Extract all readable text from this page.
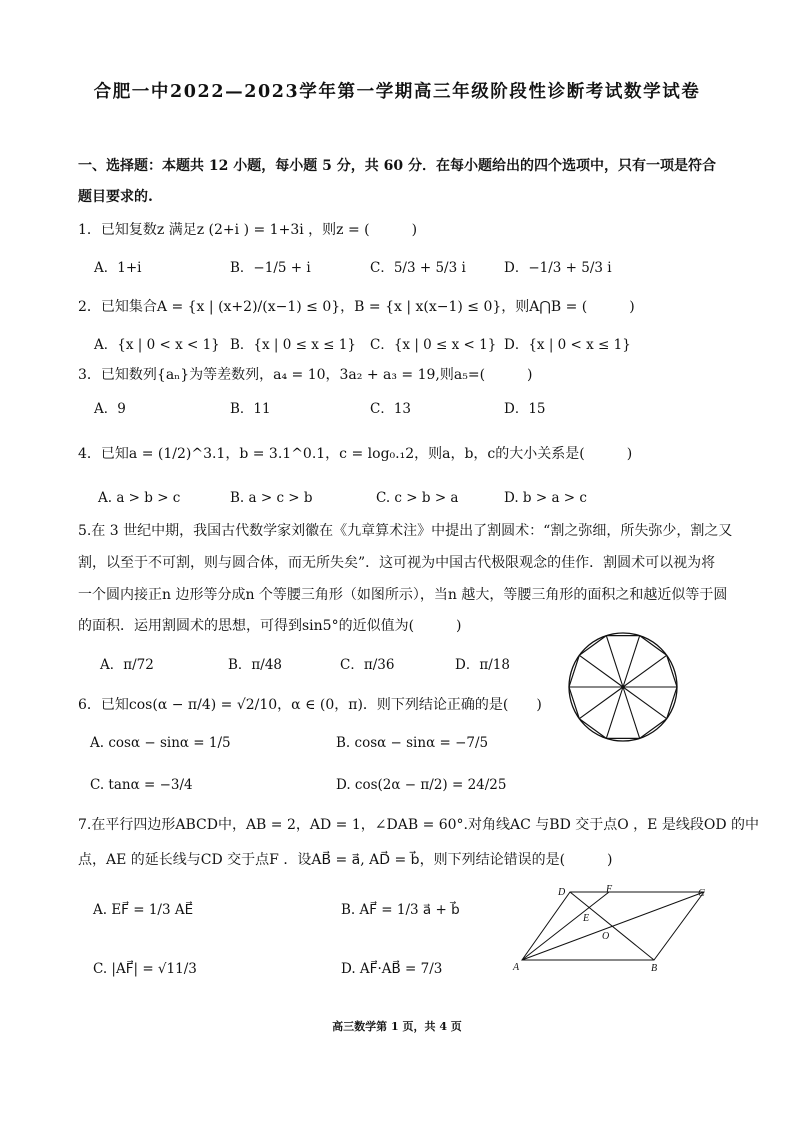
合肥一中2022—2023学年第一学期高三年级阶段性诊断考试数学试卷
一、选择题：本题共 12 小题，每小题 5 分，共 60 分．在每小题给出的四个选项中，只有一项是符合
题目要求的.
1．已知复数z 满足z (2+i ) = 1+3i ，则z = (　　　)
A．1+i	B．−1/5 + i	C．5/3 + 5/3 i	D．−1/3 + 5/3 i
2．已知集合A = {x | (x+2)/(x−1) ≤ 0}，B = {x | x(x−1) ≤ 0}，则A⋂B = (　　　)
A．{x | 0 < x < 1} B．{x | 0 ≤ x ≤ 1} C．{x | 0 ≤ x < 1} D．{x | 0 < x ≤ 1}
3．已知数列{aₙ}为等差数列，a₄ = 10，3a₂ + a₃ = 19,则a₅=(　　　)
A．9	B．11	C．13	D．15
4．已知a = (1/2)^3.1，b = 3.1^0.1，c = log₀.₁2，则a，b，c的大小关系是(　　　)
A. a > b > c	B. a > c > b	C. c > b > a	D. b > a > c
5.在 3 世纪中期，我国古代数学家刘徽在《九章算术注》中提出了割圆术：“割之弥细，所失弥少，割之又
割，以至于不可割，则与圆合体，而无所失矣”．这可视为中国古代极限观念的佳作．割圆术可以视为将
一个圆内接正n 边形等分成n 个等腰三角形（如图所示），当n 越大，等腰三角形的面积之和越近似等于圆
的面积．运用割圆术的思想，可得到sin5°的近似值为(　　　)
A．π/72	B．π/48	C．π/36	D．π/18
6．已知cos(α − π/4) = √2/10，α ∈ (0，π)．则下列结论正确的是(　　)
A. cosα − sinα = 1/5	B. cosα − sinα = −7/5
C. tanα = −3/4	D. cos(2α − π/2) = 24/25
7.在平行四边形ABCD中，AB = 2，AD = 1，∠DAB = 60°.对角线AC 与BD 交于点O ，E 是线段OD 的中
点，AE 的延长线与CD 交于点F ．设AB⃗ = a⃗, AD⃗ = b⃗，则下列结论错误的是(　　　)
A. EF⃗ = 1/3 AE⃗	B. AF⃗ = 1/3 a⃗ + b⃗
C. |AF⃗| = √11/3	D. AF⃗·AB⃗ = 7/3
D	F	C
E
O
A	B
高三数学第 1 页，共 4 页
